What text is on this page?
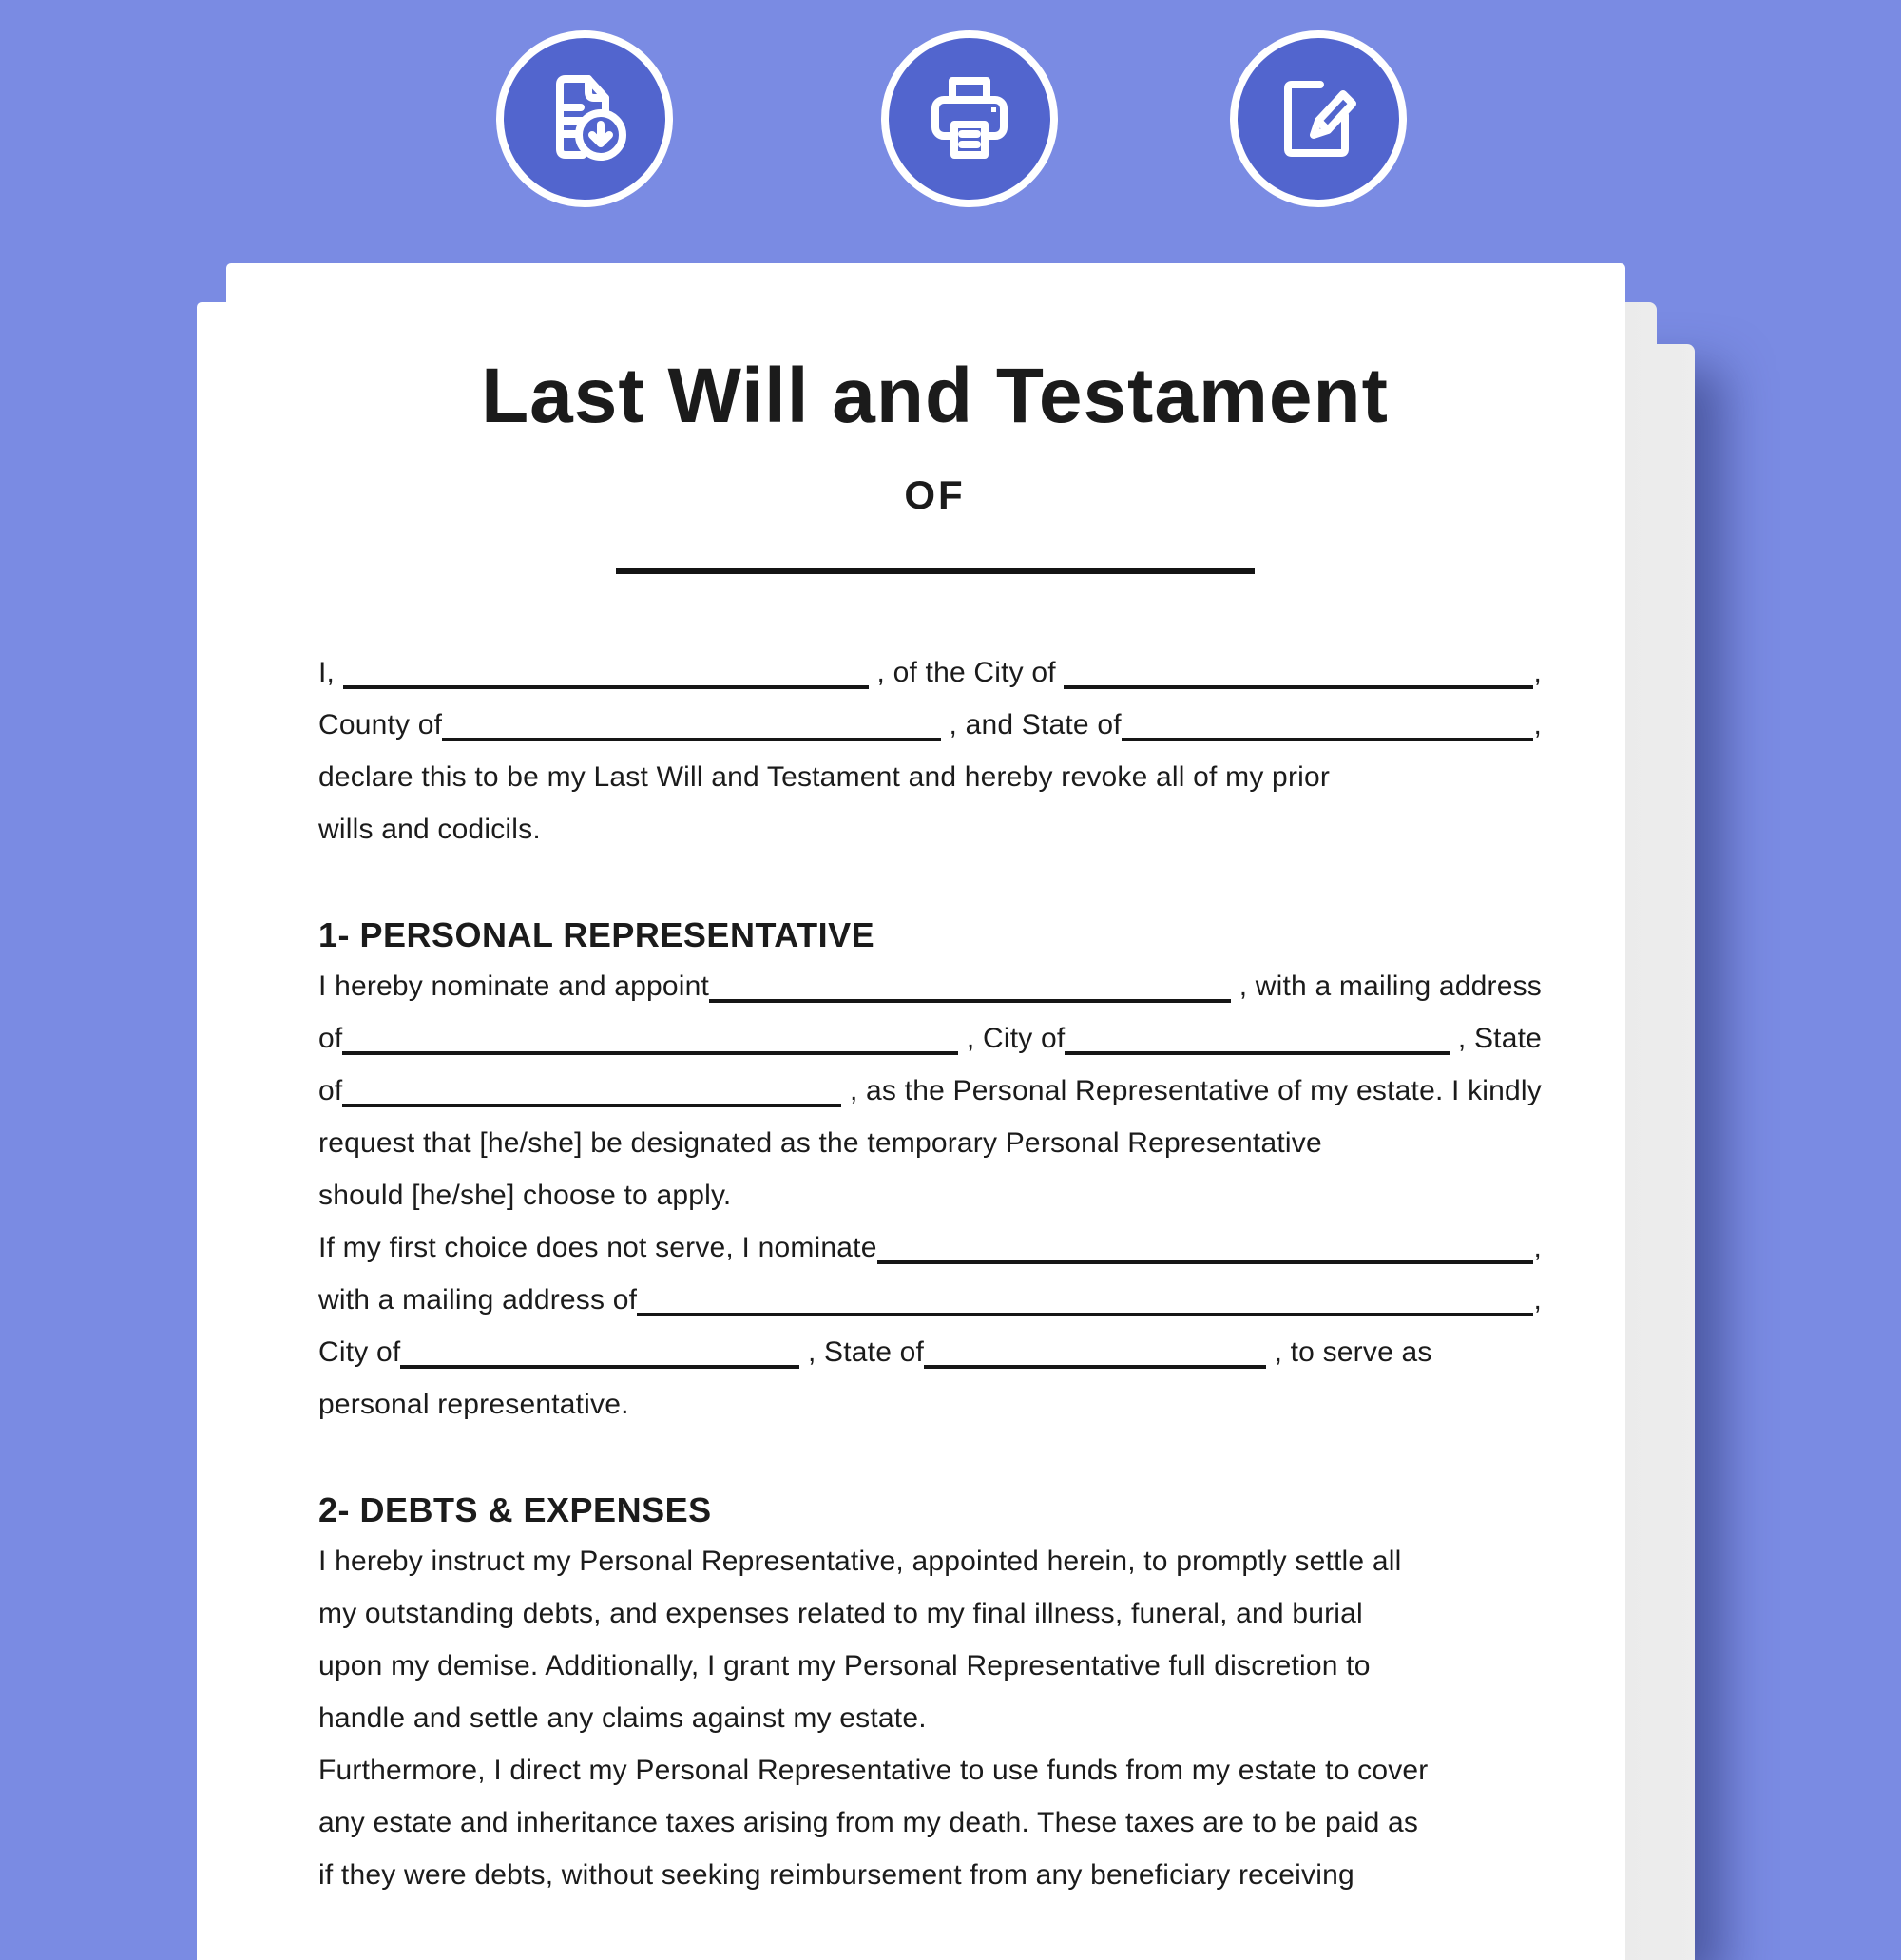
Last Will and Testament
OF
I,	, of the City of	,
County of	, and State of	,
declare this to be my Last Will and Testament and hereby revoke all of my prior
wills and codicils.
1- PERSONAL REPRESENTATIVE
I hereby nominate and appoint	, with a mailing address
of	, City of	, State
of	, as the Personal Representative of my estate. I kindly
request that [he/she] be designated as the temporary Personal Representative
should [he/she] choose to apply.
If my first choice does not serve, I nominate	,
with a mailing address of	,
City of	, State of	, to serve as
personal representative.
2- DEBTS & EXPENSES
I hereby instruct my Personal Representative, appointed herein, to promptly settle all
my outstanding debts, and expenses related to my final illness, funeral, and burial
upon my demise. Additionally, I grant my Personal Representative full discretion to
handle and settle any claims against my estate.
Furthermore, I direct my Personal Representative to use funds from my estate to cover
any estate and inheritance taxes arising from my death. These taxes are to be paid as
if they were debts, without seeking reimbursement from any beneficiary receiving
